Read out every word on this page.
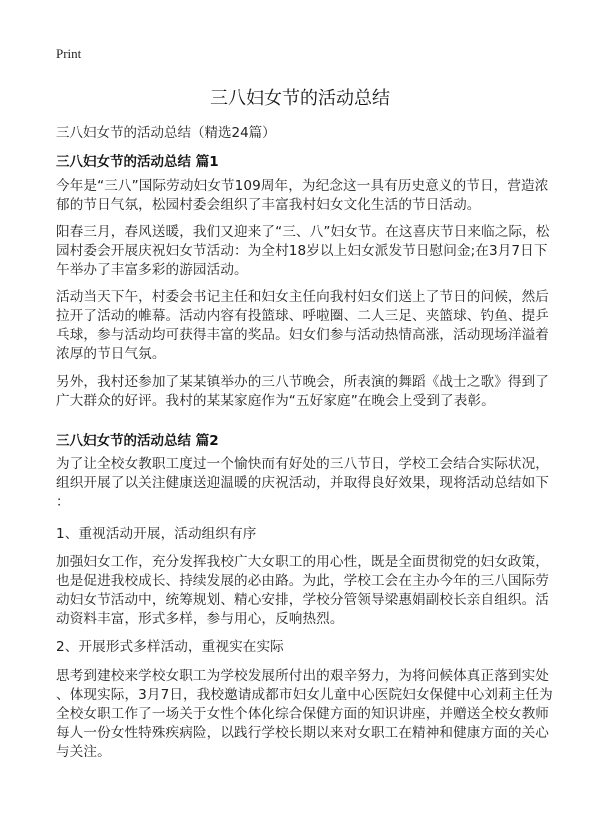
Print
三八妇女节的活动总结
三八妇女节的活动总结（精选24篇）
三八妇女节的活动总结 篇1
今年是“三八”国际劳动妇女节109周年，为纪念这一具有历史意义的节日，营造浓
郁的节日气氛，松园村委会组织了丰富我村妇女文化生活的节日活动。
阳春三月，春风送暖，我们又迎来了“三、八”妇女节。在这喜庆节日来临之际，松
园村委会开展庆祝妇女节活动：为全村18岁以上妇女派发节日慰问金;在3月7日下
午举办了丰富多彩的游园活动。
活动当天下午，村委会书记主任和妇女主任向我村妇女们送上了节日的问候，然后
拉开了活动的帷幕。活动内容有投篮球、呼啦圈、二人三足、夹篮球、钓鱼、提乒
乓球，参与活动均可获得丰富的奖品。妇女们参与活动热情高涨，活动现场洋溢着
浓厚的节日气氛。
另外，我村还参加了某某镇举办的三八节晚会，所表演的舞蹈《战士之歌》得到了
广大群众的好评。我村的某某家庭作为“五好家庭”在晚会上受到了表彰。
三八妇女节的活动总结 篇2
为了让全校女教职工度过一个愉快而有好处的三八节日，学校工会结合实际状况，
组织开展了以关注健康送迎温暖的庆祝活动，并取得良好效果，现将活动总结如下
：
1、重视活动开展，活动组织有序
加强妇女工作，充分发挥我校广大女职工的用心性，既是全面贯彻党的妇女政策，
也是促进我校成长、持续发展的必由路。为此，学校工会在主办今年的三八国际劳
动妇女节活动中，统筹规划、精心安排，学校分管领导梁惠娟副校长亲自组织。活
动资料丰富，形式多样，参与用心，反响热烈。
2、开展形式多样活动，重视实在实际
思考到建校来学校女职工为学校发展所付出的艰辛努力，为将问候体真正落到实处
、体现实际，3月7日，我校邀请成都市妇女儿童中心医院妇女保健中心刘莉主任为
全校女职工作了一场关于女性个体化综合保健方面的知识讲座，并赠送全校女教师
每人一份女性特殊疾病险，以践行学校长期以来对女职工在精神和健康方面的关心
与关注。
